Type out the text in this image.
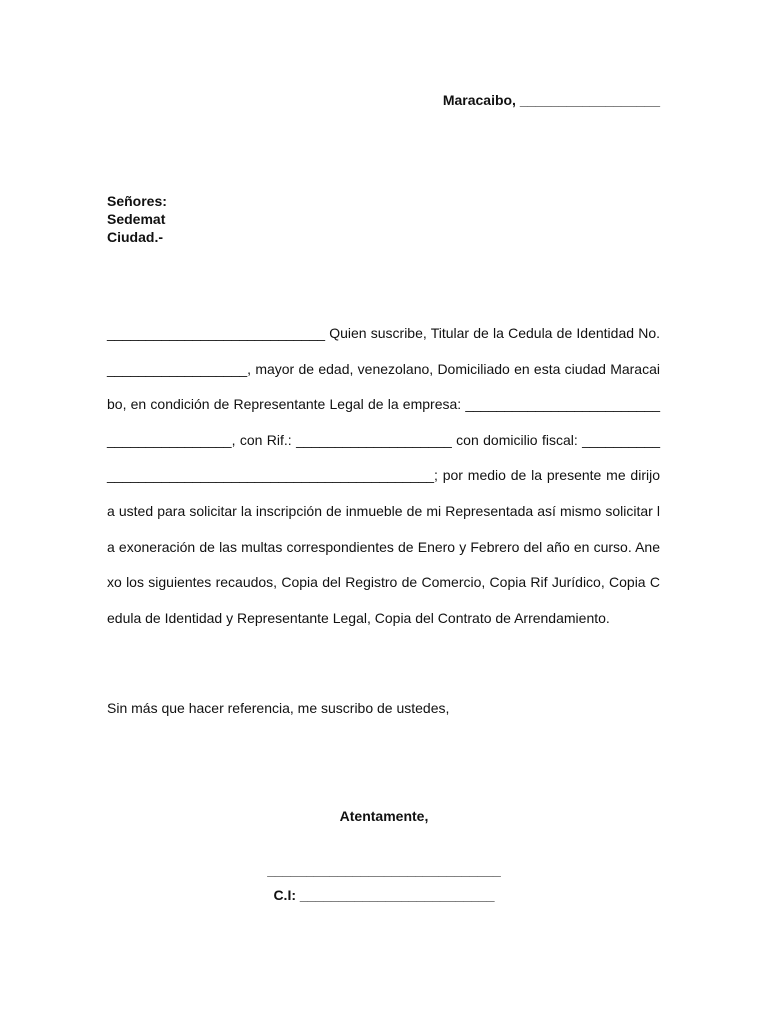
Maracaibo, __________________
Señores:
Sedemat
Ciudad.-

____________________________ Quien suscribe, Titular de la Cedula de Identidad No. __________________, mayor de edad, venezolano, Domiciliado en esta ciudad Maracaibo, en condición de Representante Legal de la empresa: _________________________________________, con Rif.: ____________________ con domicilio fiscal: ____________________________________________________; por medio de la presente me dirijo a usted para solicitar la inscripción de inmueble de mi Representada así mismo solicitar la exoneración de las multas correspondientes de Enero y Febrero del año en curso. Anexo los siguientes recaudos, Copia del Registro de Comercio, Copia Rif Jurídico, Copia Cedula de Identidad y Representante Legal, Copia del Contrato de Arrendamiento.

Sin más que hacer referencia, me suscribo de ustedes,

Atentamente,
______________________________
C.I: _________________________
